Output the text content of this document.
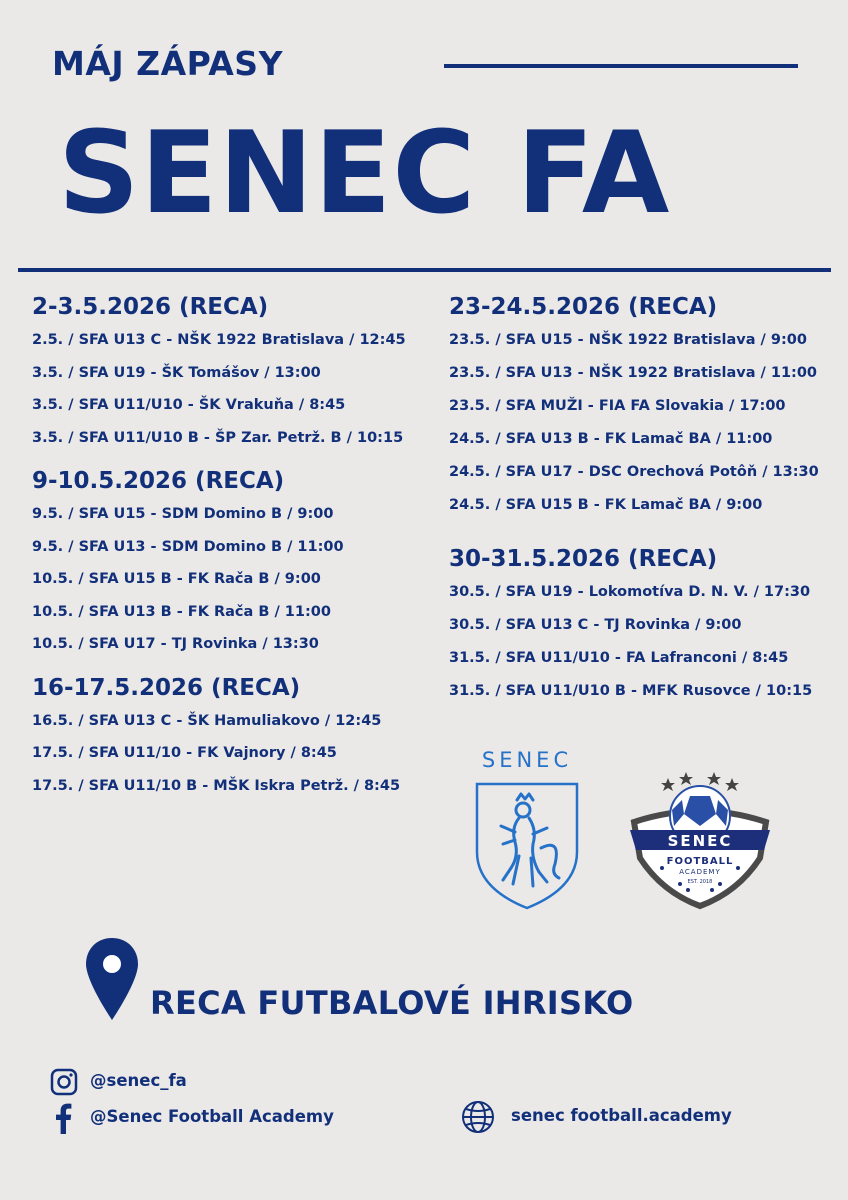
MÁJ ZÁPASY
SENEC FA
2-3.5.2026 (RECA)
2.5. / SFA U13 C - NŠK 1922 Bratislava / 12:45
3.5. / SFA U19 - ŠK Tomášov / 13:00
3.5. / SFA U11/U10 - ŠK Vrakuňa / 8:45
3.5. / SFA U11/U10 B - ŠP Zar. Petrž. B / 10:15
9-10.5.2026 (RECA)
9.5. / SFA U15 - SDM Domino B / 9:00
9.5. / SFA U13 - SDM Domino B / 11:00
10.5. / SFA U15 B - FK Rača B / 9:00
10.5. / SFA U13 B - FK Rača B / 11:00
10.5. / SFA U17 - TJ Rovinka / 13:30
16-17.5.2026 (RECA)
16.5. / SFA U13 C - ŠK Hamuliakovo / 12:45
17.5. / SFA U11/10 - FK Vajnory / 8:45
17.5. / SFA U11/10 B - MŠK Iskra Petrž. / 8:45
23-24.5.2026 (RECA)
23.5. / SFA U15 - NŠK 1922 Bratislava / 9:00
23.5. / SFA U13 - NŠK 1922 Bratislava / 11:00
23.5. / SFA MUŽI - FIA FA Slovakia / 17:00
24.5. / SFA U13 B - FK Lamač BA / 11:00
24.5. / SFA U17 - DSC Orechová Potôň / 13:30
24.5. / SFA U15 B - FK Lamač BA / 9:00
30-31.5.2026 (RECA)
30.5. / SFA U19 - Lokomotíva D. N. V. / 17:30
30.5. / SFA U13 C - TJ Rovinka / 9:00
31.5. / SFA U11/U10 - FA Lafranconi / 8:45
31.5. / SFA U11/U10 B - MFK Rusovce / 10:15
SENEC
SENEC
FOOTBALL
ACADEMY
EST. 2018
RECA FUTBALOVÉ IHRISKO
@senec_fa
@Senec Football Academy	senec football.academy
